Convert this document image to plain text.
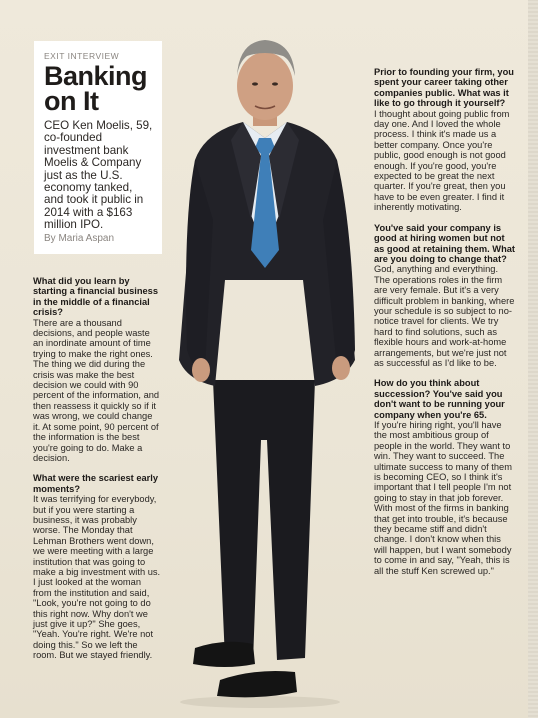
EXIT INTERVIEW
Banking
on It
CEO Ken Moelis, 59, co-founded investment bank Moelis & Company just as the U.S. economy tanked, and took it public in 2014 with a $163 million IPO.
By Maria Aspan
What did you learn by starting a financial business in the middle of a financial crisis?
There are a thousand decisions, and people waste an inordinate amount of time trying to make the right ones. The thing we did during the crisis was make the best decision we could with 90 percent of the information, and then reassess it quickly so if it was wrong, we could change it. At some point, 90 percent of the information is the best you're going to do. Make a decision.
What were the scariest early moments?
It was terrifying for everybody, but if you were starting a business, it was probably worse. The Monday that Lehman Brothers went down, we were meeting with a large institution that was going to make a big investment with us. I just looked at the woman from the institution and said, "Look, you're not going to do this right now. Why don't we just give it up?" She goes, "Yeah. You're right. We're not doing this." So we left the room. But we stayed friendly.
Prior to founding your firm, you spent your career taking other companies public. What was it like to go through it yourself?
I thought about going public from day one. And I loved the whole process. I think it's made us a better company. Once you're public, good enough is not good enough. If you're good, you're expected to be great the next quarter. If you're great, then you have to be even greater. I find it inherently motivating.
You've said your company is good at hiring women but not as good at retaining them. What are you doing to change that?
God, anything and everything. The operations roles in the firm are very female. But it's a very difficult problem in banking, where your schedule is so subject to no-notice travel for clients. We try hard to find solutions, such as flexible hours and work-at-home arrangements, but we're just not as successful as I'd like to be.
How do you think about succession? You've said you don't want to be running your company when you're 65.
If you're hiring right, you'll have the most ambitious group of people in the world. They want to win. They want to succeed. The ultimate success to many of them is becoming CEO, so I think it's important that I tell people I'm not going to stay in that job forever. With most of the firms in banking that get into trouble, it's because they became stiff and didn't change. I don't know when this will happen, but I want somebody to come in and say, "Yeah, this is all the stuff Ken screwed up."
